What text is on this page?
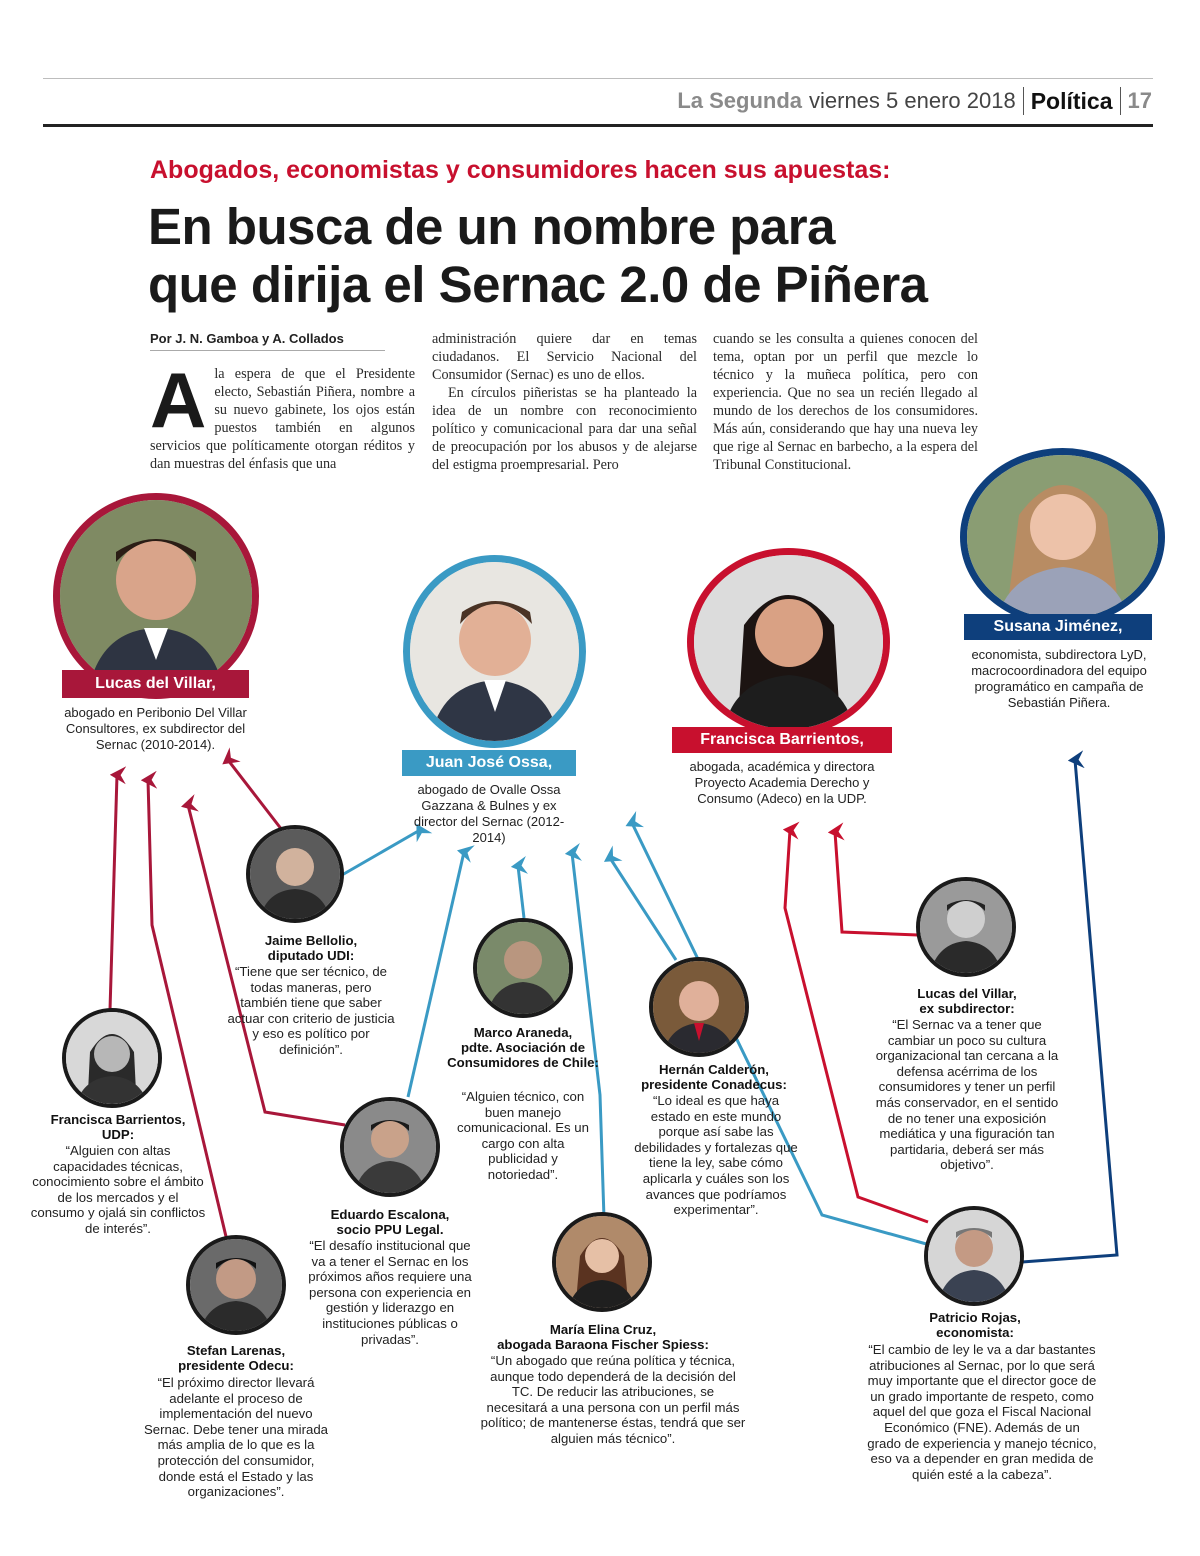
La Segunda viernes 5 enero 2018 Política 17
Abogados, economistas y consumidores hacen sus apuestas:
En busca de un nombre para
que dirija el Sernac 2.0 de Piñera
Por J. N. Gamboa y A. Collados
A la espera de que el Presidente electo, Sebastián Piñera, nombre a su nuevo gabinete, los ojos están puestos también en algunos servicios que políticamente otorgan réditos y dan muestras del énfasis que una
administración quiere dar en temas ciudadanos. El Servicio Nacional del Consumidor (Sernac) es uno de ellos.
En círculos piñeristas se ha planteado la idea de un nombre con reconocimiento político y comunicacional para dar una señal de preocupación por los abusos y de alejarse del estigma proempresarial. Pero
cuando se les consulta a quienes conocen del tema, optan por un perfil que mezcle lo técnico y la muñeca política, pero con experiencia. Que no sea un recién llegado al mundo de los derechos de los consumidores. Más aún, considerando que hay una nueva ley que rige al Sernac en barbecho, a la espera del Tribunal Constitucional.
Lucas del Villar,
abogado en Peribonio Del Villar Consultores, ex subdirector del Sernac (2010-2014).
Juan José Ossa,
abogado de Ovalle Ossa Gazzana & Bulnes y ex director del Sernac (2012-2014)
Francisca Barrientos,
abogada, académica y directora Proyecto Academia Derecho y Consumo (Adeco) en la UDP.
Susana Jiménez,
economista, subdirectora LyD, macrocoordinadora del equipo programático en campaña de Sebastián Piñera.
Jaime Bellolio,
diputado UDI:
“Tiene que ser técnico, de todas maneras, pero también tiene que saber actuar con criterio de justicia y eso es político por definición”.
Francisca Barrientos,
UDP:
“Alguien con altas capacidades técnicas, conocimiento sobre el ámbito de los mercados y el consumo y ojalá sin conflictos de interés”.
Stefan Larenas,
presidente Odecu:
“El próximo director llevará adelante el proceso de implementación del nuevo Sernac. Debe tener una mirada más amplia de lo que es la protección del consumidor, donde está el Estado y las organizaciones”.
Eduardo Escalona,
socio PPU Legal.
“El desafío institucional que va a tener el Sernac en los próximos años requiere una persona con experiencia en gestión y liderazgo en instituciones públicas o privadas”.
Marco Araneda,
pdte. Asociación de Consumidores de Chile:
“Alguien técnico, con buen manejo comunicacional. Es un cargo con alta publicidad y notoriedad”.
María Elina Cruz,
abogada Baraona Fischer Spiess:
“Un abogado que reúna política y técnica, aunque todo dependerá de la decisión del TC. De reducir las atribuciones, se necesitará a una persona con un perfil más político; de mantenerse éstas, tendrá que ser alguien más técnico”.
Hernán Calderón,
presidente Conadecus:
“Lo ideal es que haya estado en este mundo porque así sabe las debilidades y fortalezas que tiene la ley, sabe cómo aplicarla y cuáles son los avances que podríamos experimentar”.
Lucas del Villar,
ex subdirector:
“El Sernac va a tener que cambiar un poco su cultura organizacional tan cercana a la defensa acérrima de los consumidores y tener un perfil más conservador, en el sentido de no tener una exposición mediática y una figuración tan partidaria, deberá ser más objetivo”.
Patricio Rojas,
economista:
“El cambio de ley le va a dar bastantes atribuciones al Sernac, por lo que será muy importante que el director goce de un grado importante de respeto, como aquel del que goza el Fiscal Nacional Económico (FNE). Además de un grado de experiencia y manejo técnico, eso va a depender en gran medida de quién esté a la cabeza”.
